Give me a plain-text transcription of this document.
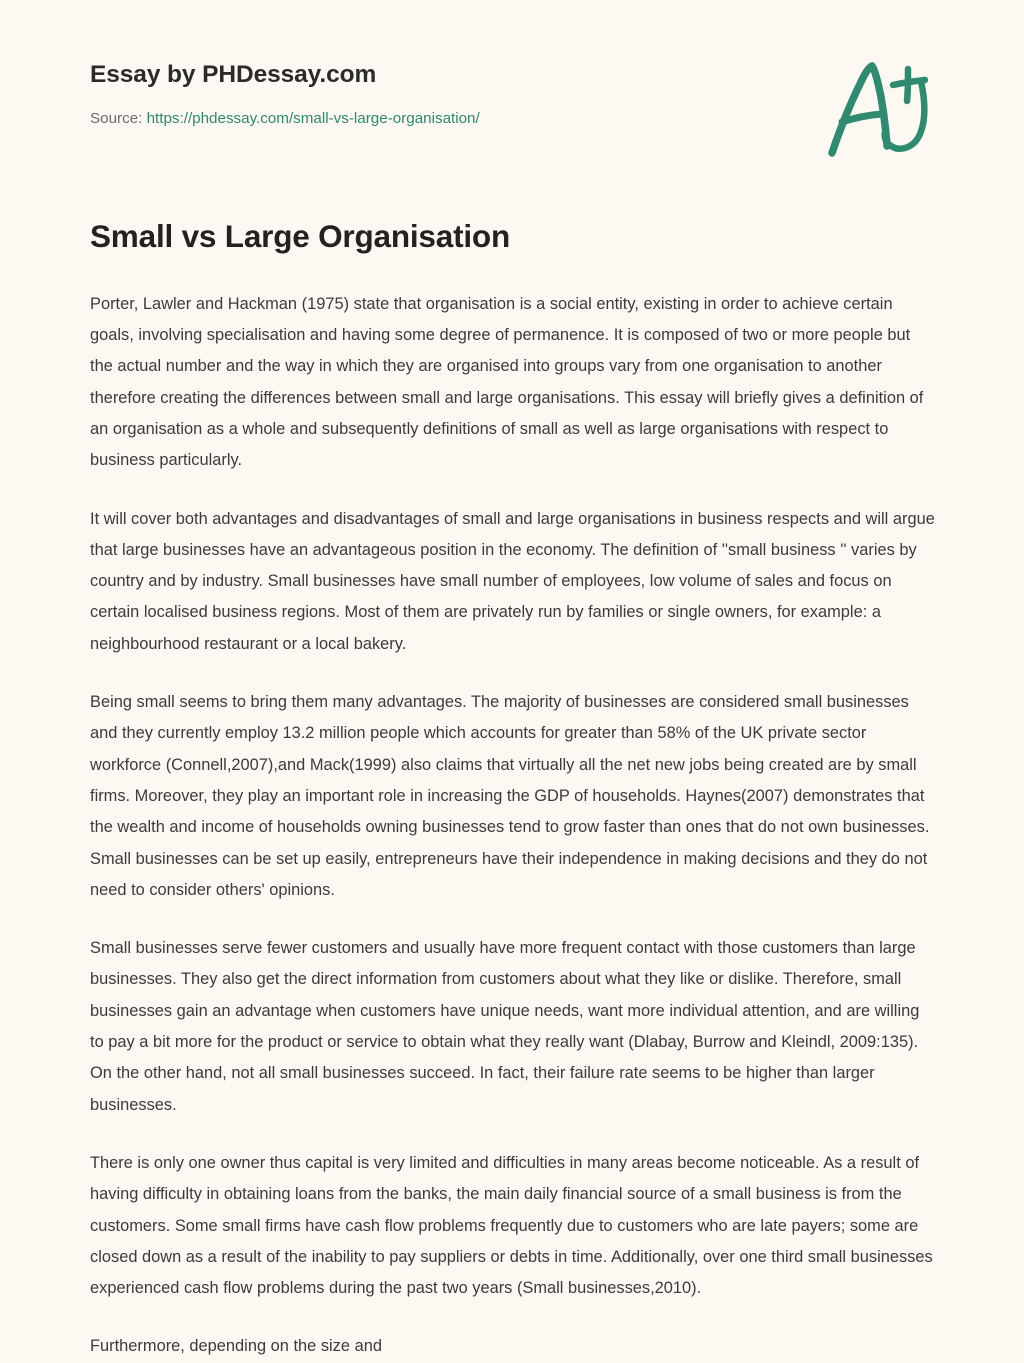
Essay by PHDessay.com
Source: https://phdessay.com/small-vs-large-organisation/
Small vs Large Organisation

Porter, Lawler and Hackman (1975) state that organisation is a social entity, existing in order to achieve certain goals, involving specialisation and having some degree of permanence. It is composed of two or more people but the actual number and the way in which they are organised into groups vary from one organisation to another therefore creating the differences between small and large organisations. This essay will briefly gives a definition of an organisation as a whole and subsequently definitions of small as well as large organisations with respect to business particularly.

It will cover both advantages and disadvantages of small and large organisations in business respects and will argue that large businesses have an advantageous position in the economy. The definition of ''small business '' varies by country and by industry. Small businesses have small number of employees, low volume of sales and focus on certain localised business regions. Most of them are privately run by families or single owners, for example: a neighbourhood restaurant or a local bakery.

Being small seems to bring them many advantages. The majority of businesses are considered small businesses and they currently employ 13.2 million people which accounts for greater than 58% of the UK private sector workforce (Connell,2007),and Mack(1999) also claims that virtually all the net new jobs being created are by small firms. Moreover, they play an important role in increasing the GDP of households. Haynes(2007) demonstrates that the wealth and income of households owning businesses tend to grow faster than ones that do not own businesses. Small businesses can be set up easily, entrepreneurs have their independence in making decisions and they do not need to consider others' opinions.

Small businesses serve fewer customers and usually have more frequent contact with those customers than large businesses. They also get the direct information from customers about what they like or dislike. Therefore, small businesses gain an advantage when customers have unique needs, want more individual attention, and are willing to pay a bit more for the product or service to obtain what they really want (Dlabay, Burrow and Kleindl, 2009:135). On the other hand, not all small businesses succeed. In fact, their failure rate seems to be higher than larger businesses.

There is only one owner thus capital is very limited and difficulties in many areas become noticeable. As a result of having difficulty in obtaining loans from the banks, the main daily financial source of a small business is from the customers. Some small firms have cash flow problems frequently due to customers who are late payers; some are closed down as a result of the inability to pay suppliers or debts in time. Additionally, over one third small businesses experienced cash flow problems during the past two years (Small businesses,2010).

Furthermore, depending on the size and
